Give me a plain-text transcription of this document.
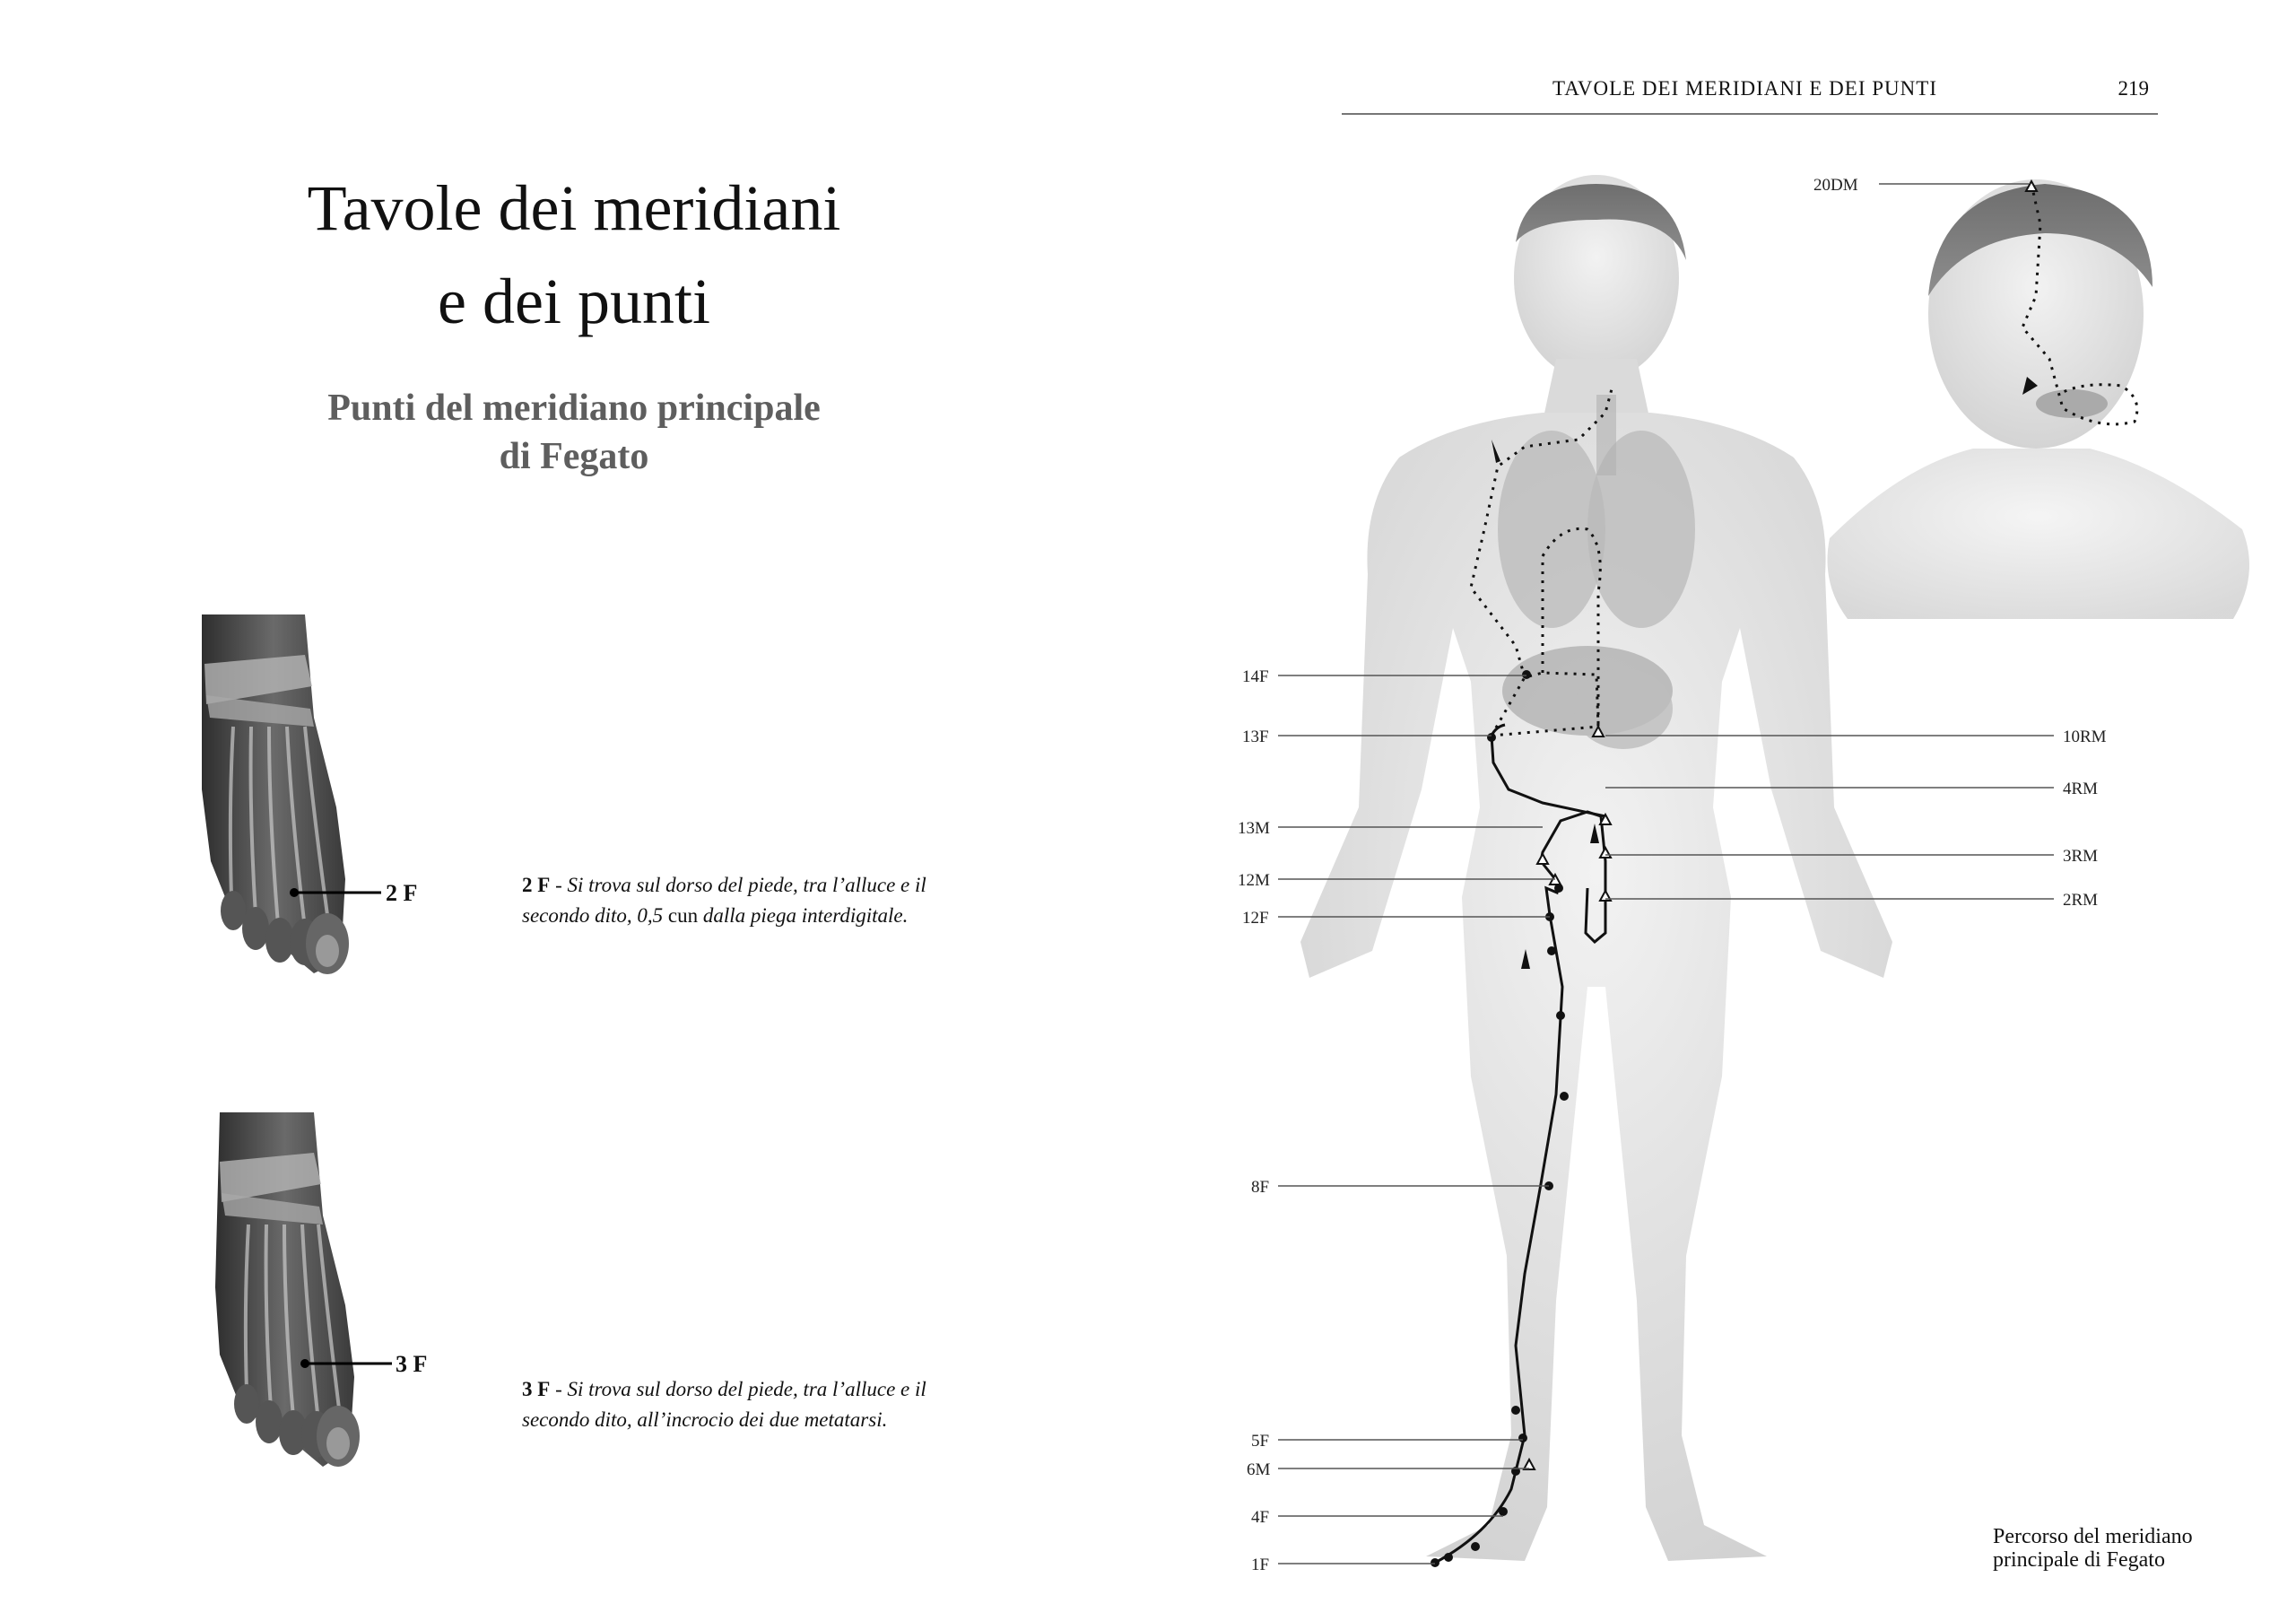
Tavole dei meridiani
e dei punti
Punti del meridiano principale
di Fegato
2 F
3 F
2 F - Si trova sul dorso del piede, tra l’alluce e il secondo dito, 0,5 cun dalla piega interdigitale.
3 F - Si trova sul dorso del piede, tra l’alluce e il secondo dito, all’incrocio dei due metatarsi.
TAVOLE DEI MERIDIANI E DEI PUNTI	219
14F
13F
13M
12M
12F
8F
5F
6M
4F
1F
10RM
4RM
3RM
2RM
20DM
Percorso del meridiano
principale di Fegato
